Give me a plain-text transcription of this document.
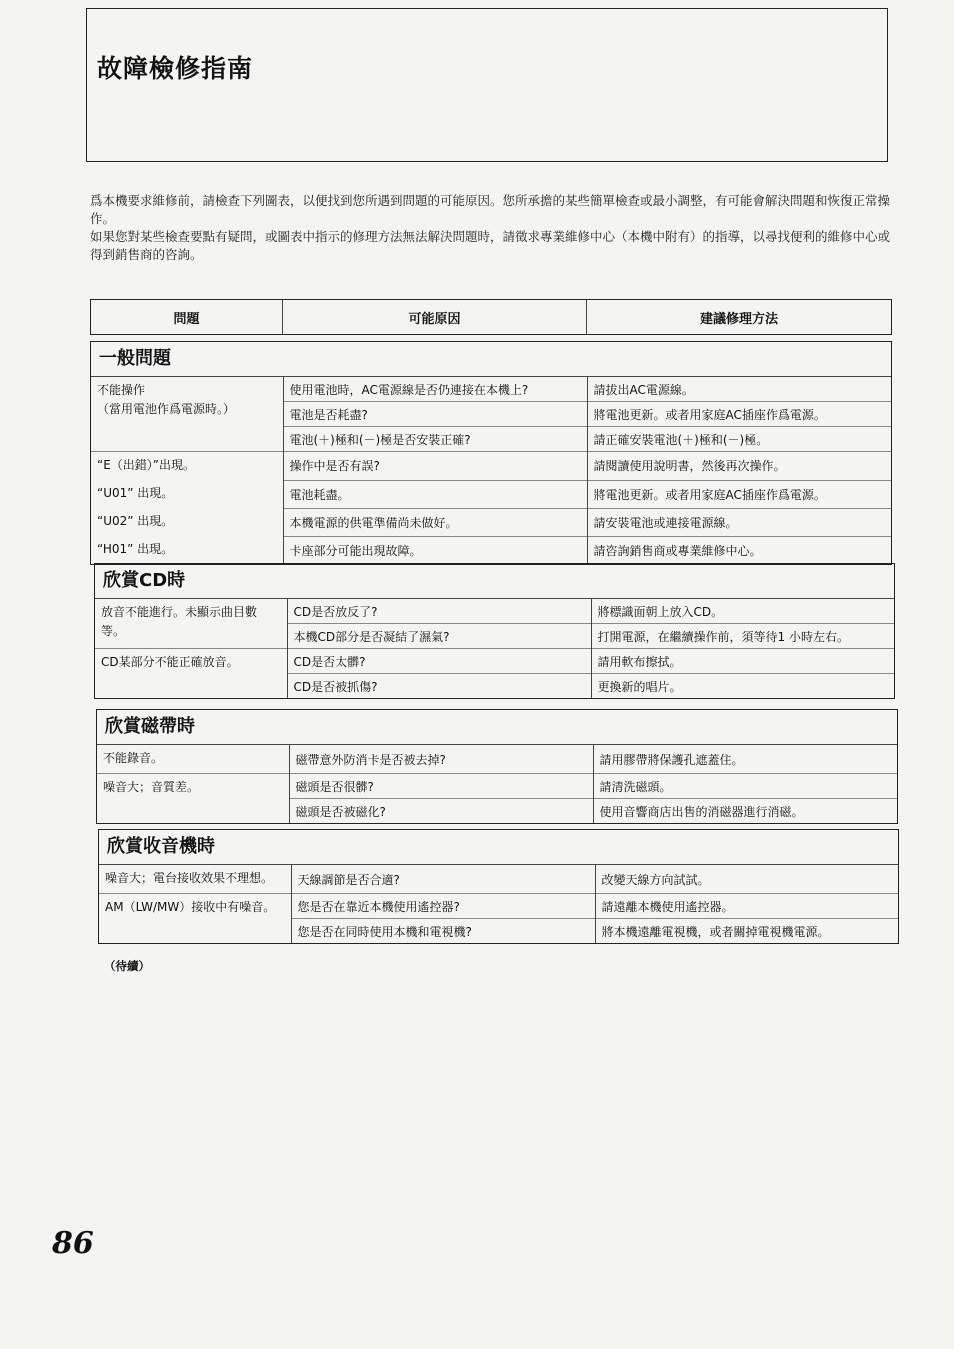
故障檢修指南

爲本機要求維修前，請檢查下列圖表，以便找到您所遇到問題的可能原因。您所承擔的某些簡單檢查或最小調整，有可能會解決問題和恢復正常操作。

如果您對某些檢查要點有疑問，或圖表中指示的修理方法無法解決問題時，請徵求專業維修中心（本機中附有）的指導，以尋找便利的維修中心或得到銷售商的咨詢。

問題	可能原因	建議修理方法
一般問題
不能操作
（當用電池作爲電源時。）	使用電池時，AC電源線是否仍連接在本機上?	請拔出AC電源線。
	電池是否耗盡?	將電池更新。或者用家庭AC插座作爲電源。
	電池(＋)極和(－)極是否安裝正確?	請正確安裝電池(＋)極和(－)極。
“E（出錯）”出現。	操作中是否有誤?	請閱讀使用說明書，然後再次操作。
“U01” 出現。	電池耗盡。	將電池更新。或者用家庭AC插座作爲電源。
“U02” 出現。	本機電源的供電準備尚未做好。	請安裝電池或連接電源線。
“H01” 出現。	卡座部分可能出現故障。	請咨詢銷售商或專業維修中心。
欣賞CD時
放音不能進行。未顯示曲目數等。	CD是否放反了?	將標識面朝上放入CD。
	本機CD部分是否凝結了濕氣?	打開電源，在繼續操作前，須等待1 小時左右。
CD某部分不能正確放音。	CD是否太髒?	請用軟布擦拭。
	CD是否被抓傷?	更換新的唱片。
欣賞磁帶時
不能錄音。	磁帶意外防消卡是否被去掉?	請用膠帶將保護孔遮蓋住。
噪音大；音質差。	磁頭是否很髒?	請清洗磁頭。
	磁頭是否被磁化?	使用音響商店出售的消磁器進行消磁。
欣賞收音機時
噪音大；電台接收效果不理想。	天線調節是否合適?	改變天線方向試試。
AM（LW/MW）接收中有噪音。	您是否在靠近本機使用遙控器?	請遠離本機使用遙控器。
	您是否在同時使用本機和電視機?	將本機遠離電視機，或者關掉電視機電源。
（待續）
86
